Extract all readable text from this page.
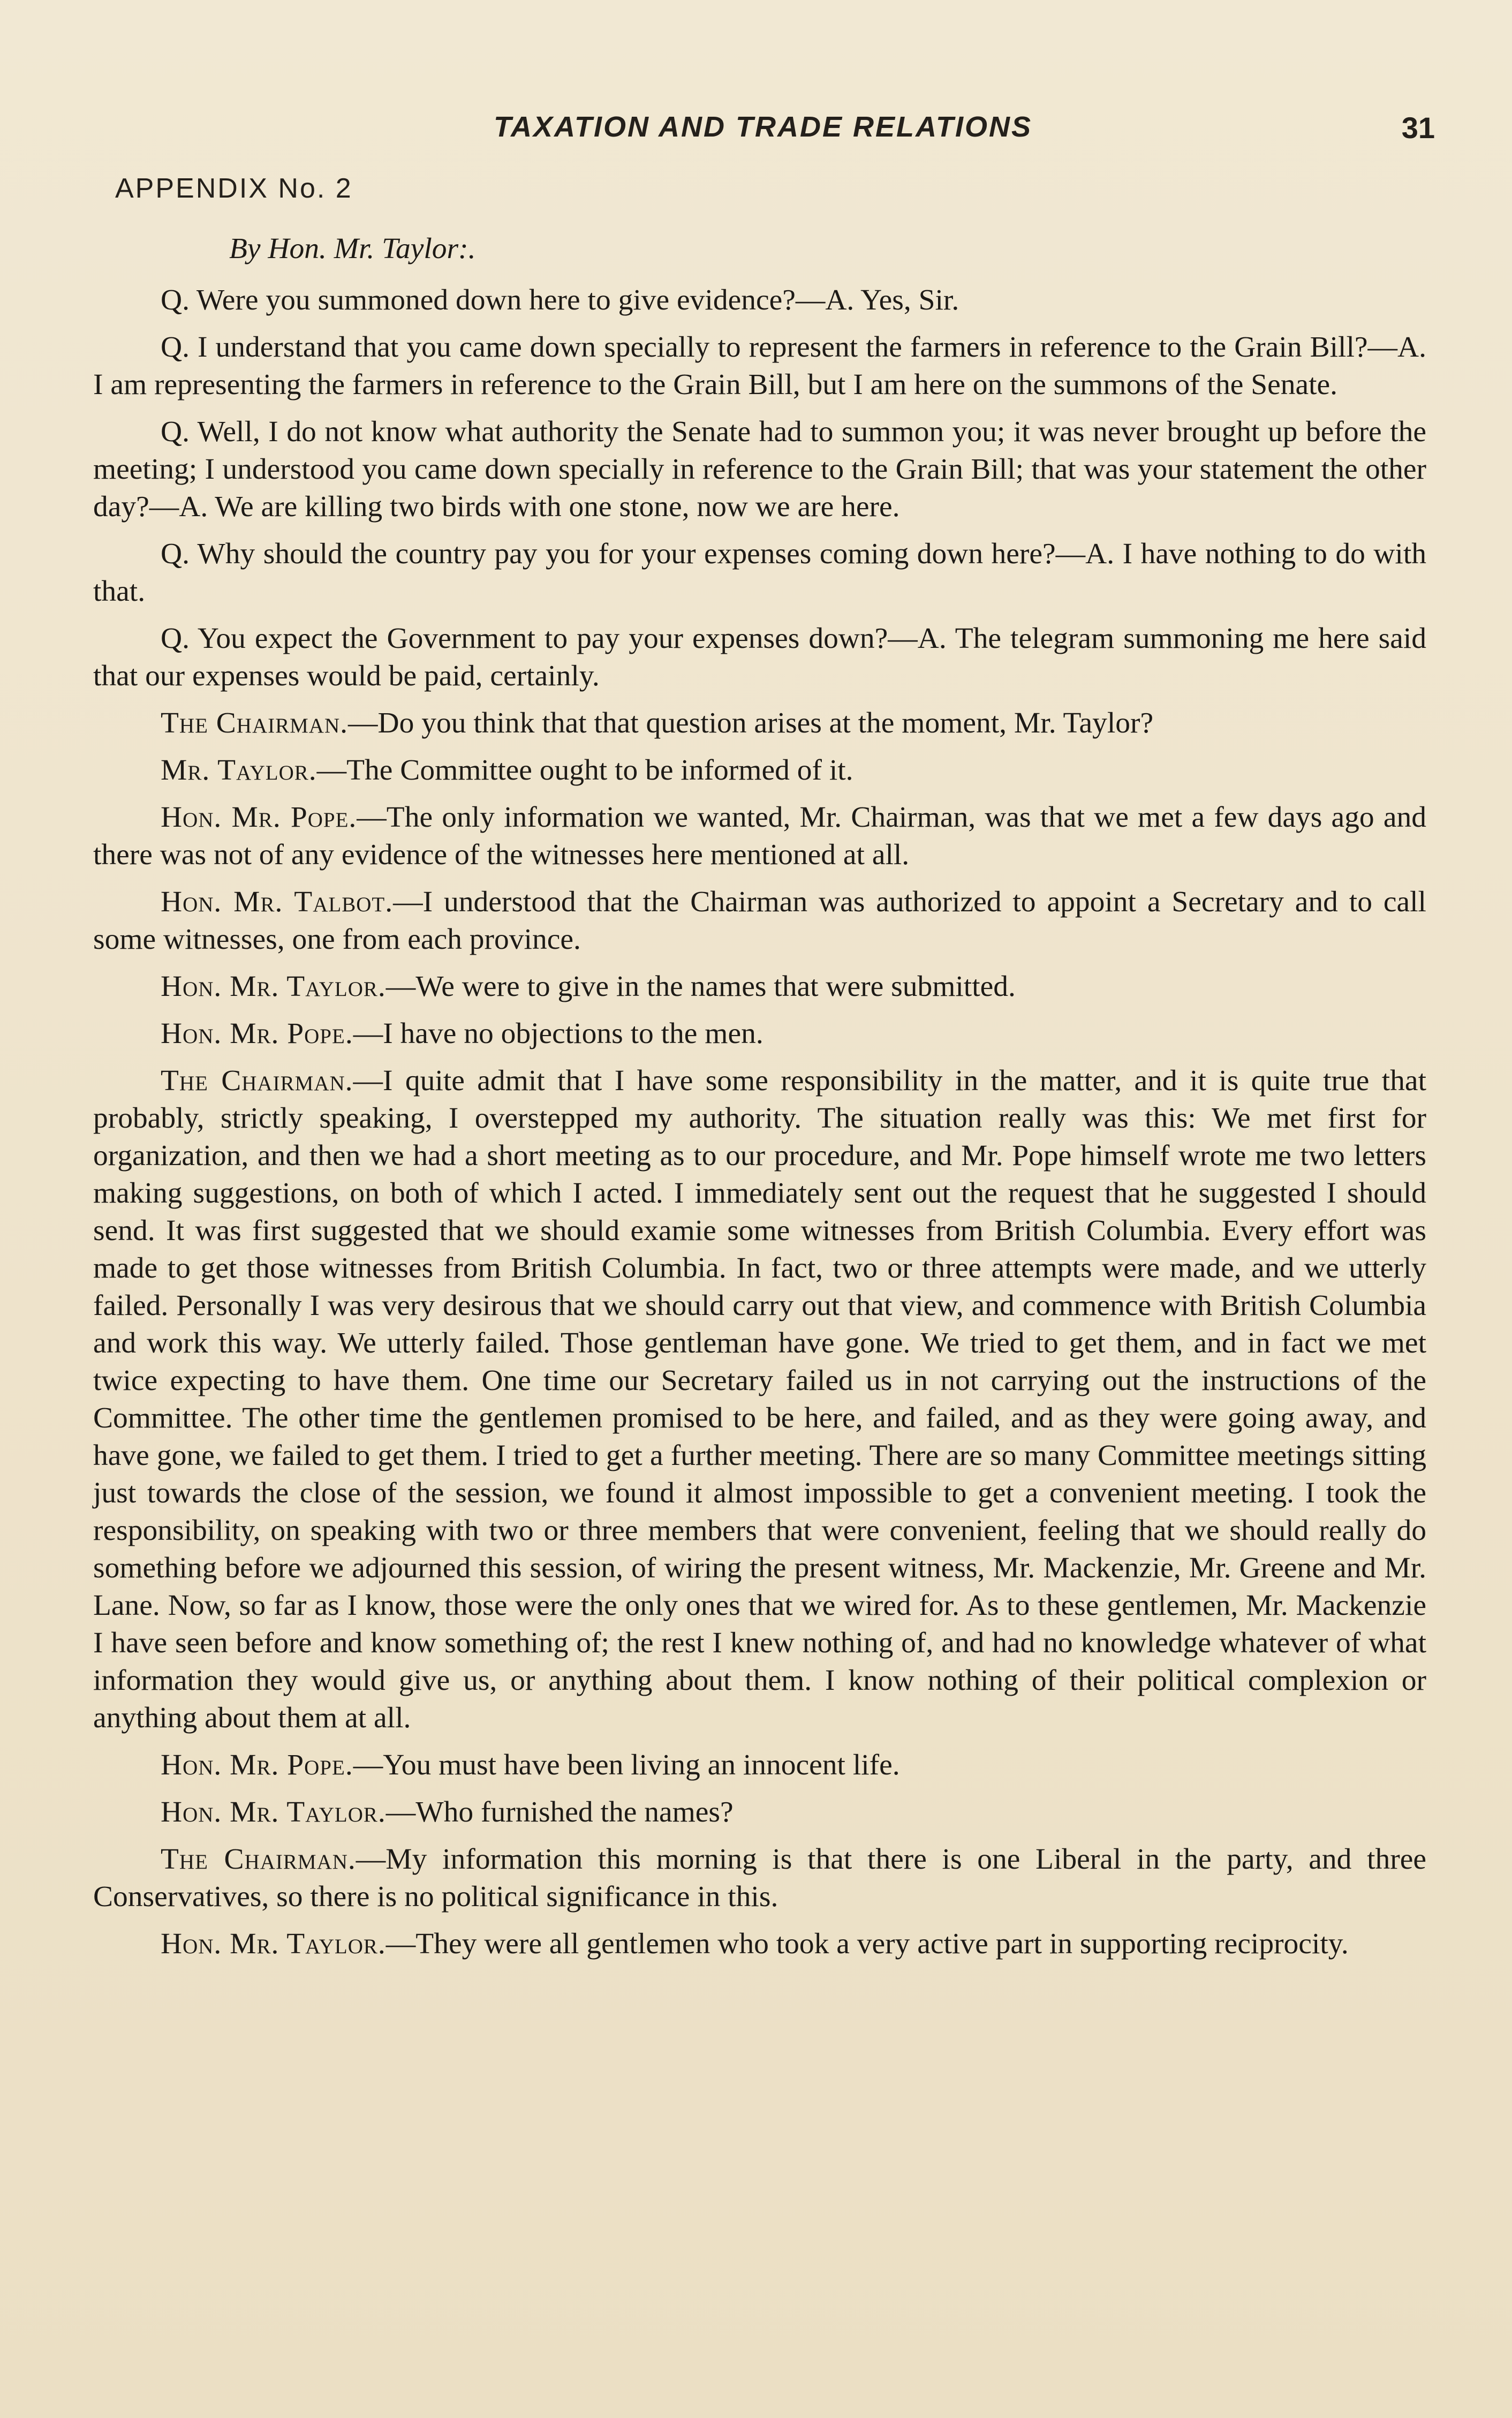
TAXATION AND TRADE RELATIONS	31
APPENDIX No. 2
By Hon. Mr. Taylor:.

Q. Were you summoned down here to give evidence?—A. Yes, Sir.

Q. I understand that you came down specially to represent the farmers in reference to the Grain Bill?—A. I am representing the farmers in reference to the Grain Bill, but I am here on the summons of the Senate.

Q. Well, I do not know what authority the Senate had to summon you; it was never brought up before the meeting; I understood you came down specially in reference to the Grain Bill; that was your statement the other day?—A. We are killing two birds with one stone, now we are here.

Q. Why should the country pay you for your expenses coming down here?—A. I have nothing to do with that.

Q. You expect the Government to pay your expenses down?—A. The telegram summoning me here said that our expenses would be paid, certainly.

The Chairman.—Do you think that that question arises at the moment, Mr. Taylor?

Mr. Taylor.—The Committee ought to be informed of it.

Hon. Mr. Pope.—The only information we wanted, Mr. Chairman, was that we met a few days ago and there was not of any evidence of the witnesses here mentioned at all.

Hon. Mr. Talbot.—I understood that the Chairman was authorized to appoint a Secretary and to call some witnesses, one from each province.

Hon. Mr. Taylor.—We were to give in the names that were submitted.

Hon. Mr. Pope.—I have no objections to the men.

The Chairman.—I quite admit that I have some responsibility in the matter, and it is quite true that probably, strictly speaking, I overstepped my authority. The situation really was this: We met first for organization, and then we had a short meeting as to our procedure, and Mr. Pope himself wrote me two letters making suggestions, on both of which I acted. I immediately sent out the request that he suggested I should send. It was first suggested that we should examie some witnesses from British Columbia. Every effort was made to get those witnesses from British Columbia. In fact, two or three attempts were made, and we utterly failed. Personally I was very desirous that we should carry out that view, and commence with British Columbia and work this way. We utterly failed. Those gentleman have gone. We tried to get them, and in fact we met twice expecting to have them. One time our Secretary failed us in not carrying out the instructions of the Committee. The other time the gentlemen promised to be here, and failed, and as they were going away, and have gone, we failed to get them. I tried to get a further meeting. There are so many Committee meetings sitting just towards the close of the session, we found it almost impossible to get a convenient meeting. I took the responsibility, on speaking with two or three members that were convenient, feeling that we should really do something before we adjourned this session, of wiring the present witness, Mr. Mackenzie, Mr. Greene and Mr. Lane. Now, so far as I know, those were the only ones that we wired for. As to these gentlemen, Mr. Mackenzie I have seen before and know something of; the rest I knew nothing of, and had no knowledge whatever of what information they would give us, or anything about them. I know nothing of their political complexion or anything about them at all.

Hon. Mr. Pope.—You must have been living an innocent life.

Hon. Mr. Taylor.—Who furnished the names?

The Chairman.—My information this morning is that there is one Liberal in the party, and three Conservatives, so there is no political significance in this.

Hon. Mr. Taylor.—They were all gentlemen who took a very active part in supporting reciprocity.
